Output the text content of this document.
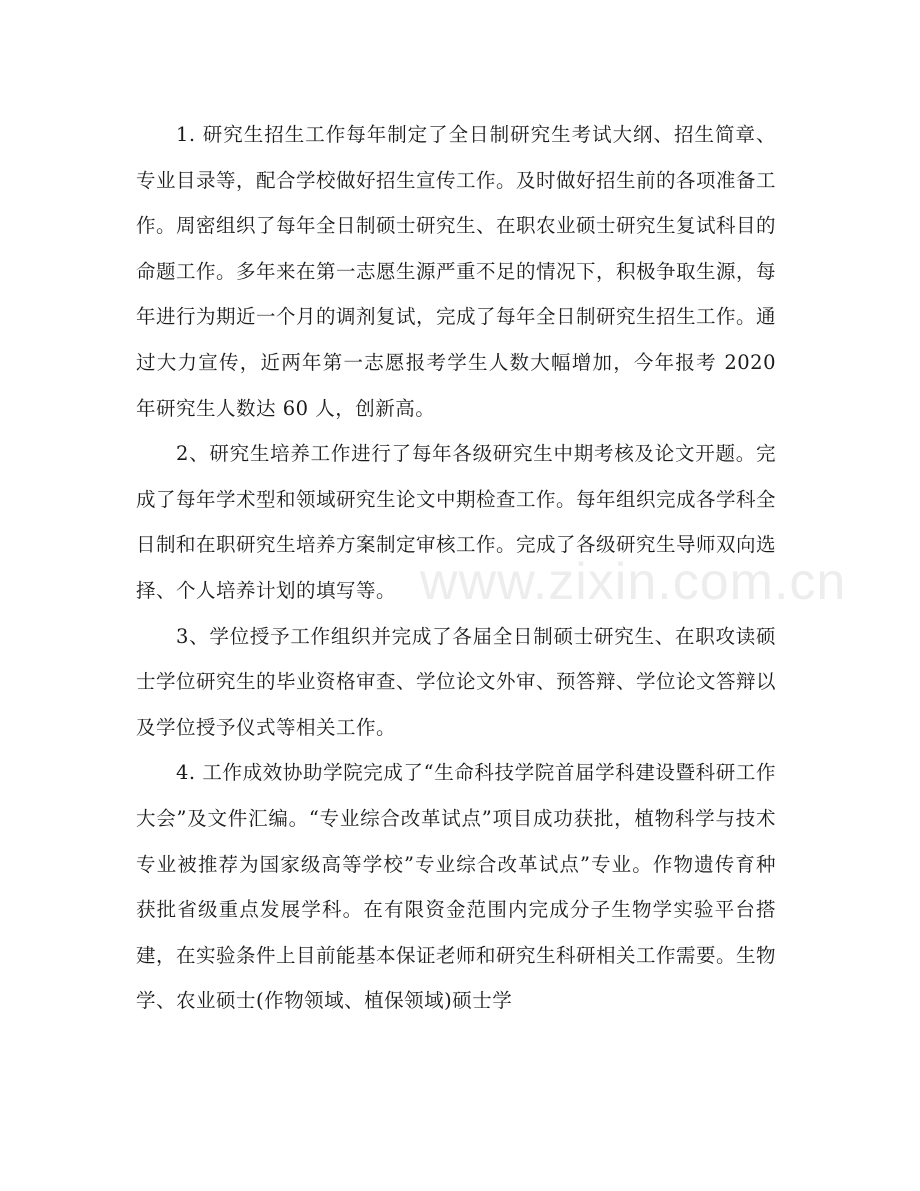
1. 研究生招生工作每年制定了全日制研究生考试大纲、招生简章、专业目录等，配合学校做好招生宣传工作。及时做好招生前的各项准备工作。周密组织了每年全日制硕士研究生、在职农业硕士研究生复试科目的命题工作。多年来在第一志愿生源严重不足的情况下，积极争取生源，每年进行为期近一个月的调剂复试，完成了每年全日制研究生招生工作。通过大力宣传，近两年第一志愿报考学生人数大幅增加，今年报考 2020 年研究生人数达 60 人，创新高。

2、研究生培养工作进行了每年各级研究生中期考核及论文开题。完成了每年学术型和领域研究生论文中期检查工作。每年组织完成各学科全日制和在职研究生培养方案制定审核工作。完成了各级研究生导师双向选择、个人培养计划的填写等。

3、学位授予工作组织并完成了各届全日制硕士研究生、在职攻读硕士学位研究生的毕业资格审查、学位论文外审、预答辩、学位论文答辩以及学位授予仪式等相关工作。

4. 工作成效协助学院完成了“生命科技学院首届学科建设暨科研工作大会”及文件汇编。“专业综合改革试点”项目成功获批，植物科学与技术专业被推荐为国家级高等学校”专业综合改革试点”专业。作物遗传育种获批省级重点发展学科。在有限资金范围内完成分子生物学实验平台搭建，在实验条件上目前能基本保证老师和研究生科研相关工作需要。生物学、农业硕士(作物领域、植保领域)硕士学

www.zixin.com.cn
